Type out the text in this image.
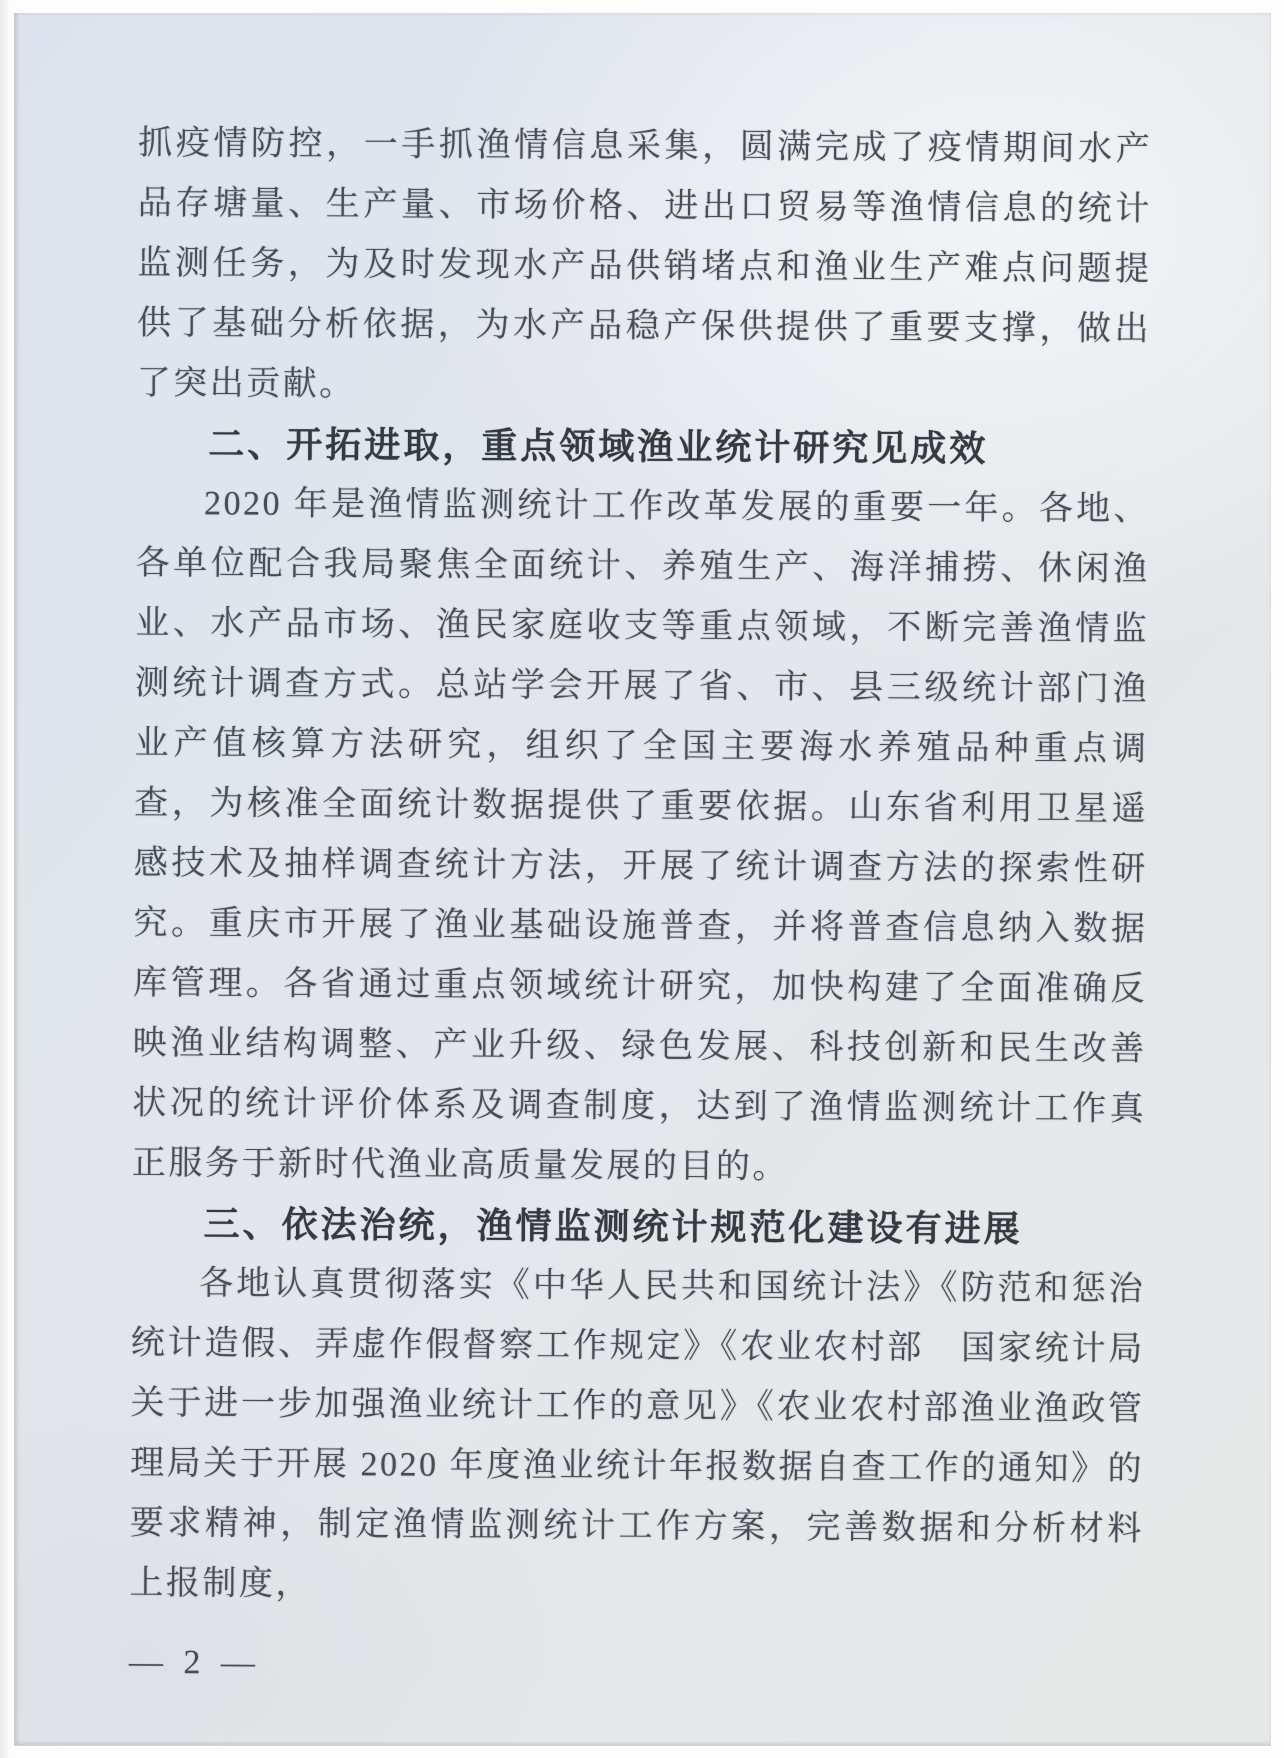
抓疫情防控，一手抓渔情信息采集，圆满完成了疫情期间水产品存塘量、生产量、市场价格、进出口贸易等渔情信息的统计监测任务，为及时发现水产品供销堵点和渔业生产难点问题提供了基础分析依据，为水产品稳产保供提供了重要支撑，做出了突出贡献。

二、开拓进取，重点领域渔业统计研究见成效

2020 年是渔情监测统计工作改革发展的重要一年。各地、各单位配合我局聚焦全面统计、养殖生产、海洋捕捞、休闲渔业、水产品市场、渔民家庭收支等重点领域，不断完善渔情监测统计调查方式。总站学会开展了省、市、县三级统计部门渔业产值核算方法研究，组织了全国主要海水养殖品种重点调查，为核准全面统计数据提供了重要依据。山东省利用卫星遥感技术及抽样调查统计方法，开展了统计调查方法的探索性研究。重庆市开展了渔业基础设施普查，并将普查信息纳入数据库管理。各省通过重点领域统计研究，加快构建了全面准确反映渔业结构调整、产业升级、绿色发展、科技创新和民生改善状况的统计评价体系及调查制度，达到了渔情监测统计工作真正服务于新时代渔业高质量发展的目的。

三、依法治统，渔情监测统计规范化建设有进展

各地认真贯彻落实《中华人民共和国统计法》《防范和惩治统计造假、弄虚作假督察工作规定》《农业农村部　国家统计局关于进一步加强渔业统计工作的意见》《农业农村部渔业渔政管理局关于开展 2020 年度渔业统计年报数据自查工作的通知》的要求精神，制定渔情监测统计工作方案，完善数据和分析材料上报制度，

— 2 —
